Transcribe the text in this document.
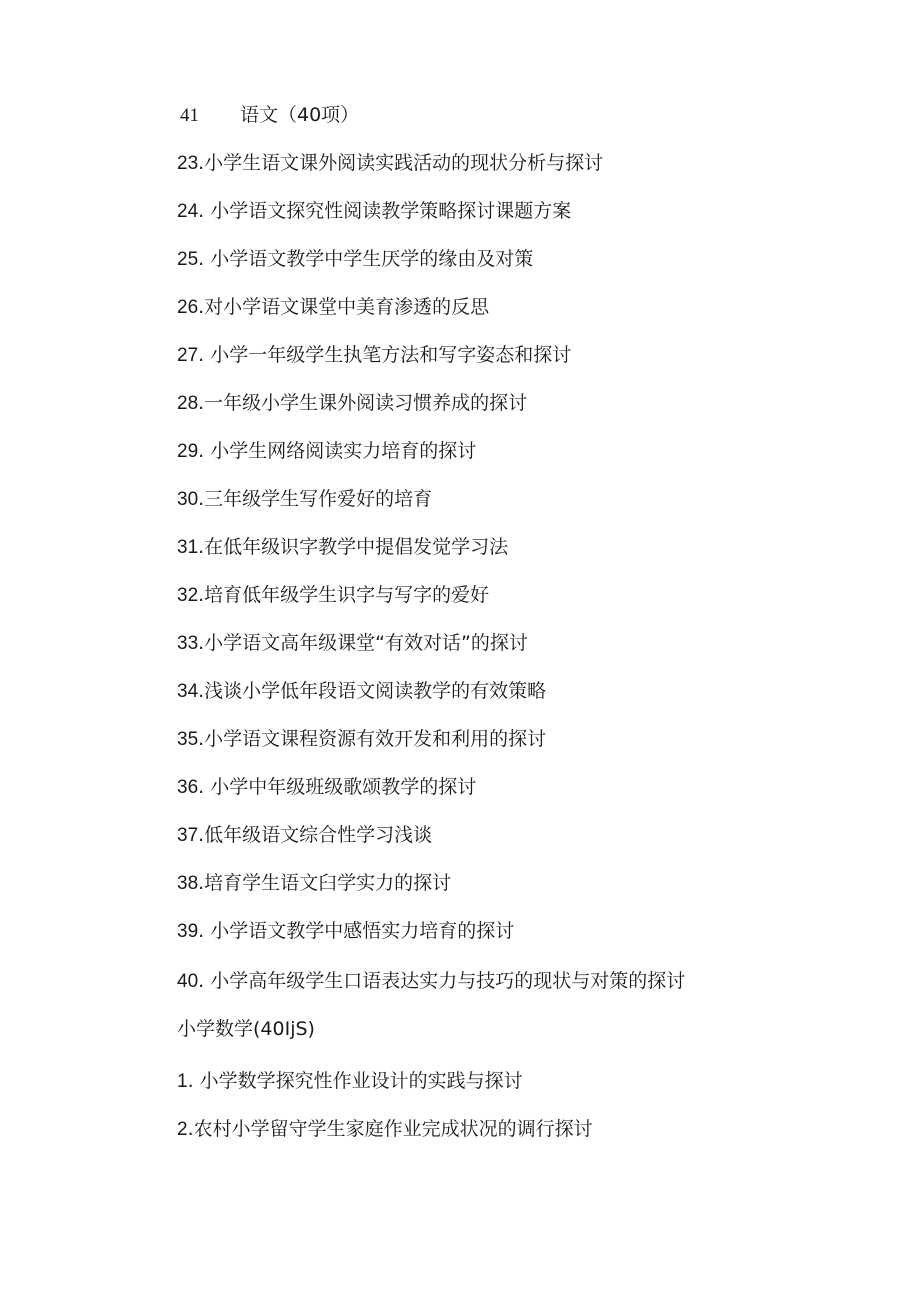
41 语文（40项）
23.小学生语文课外阅读实践活动的现状分析与探讨
24. 小学语文探究性阅读教学策略探讨课题方案
25. 小学语文教学中学生厌学的缘由及对策
26.对小学语文课堂中美育渗透的反思
27. 小学一年级学生执笔方法和写字姿态和探讨
28.一年级小学生课外阅读习惯养成的探讨
29. 小学生网络阅读实力培育的探讨
30.三年级学生写作爱好的培育
31.在低年级识字教学中提倡发觉学习法
32.培育低年级学生识字与写字的爱好
33.小学语文高年级课堂“有效对话”的探讨
34.浅谈小学低年段语文阅读教学的有效策略
35.小学语文课程资源有效开发和利用的探讨
36. 小学中年级班级歌颂教学的探讨
37.低年级语文综合性学习浅谈
38.培育学生语文臼学实力的探讨
39. 小学语文教学中感悟实力培育的探讨
40. 小学高年级学生口语表达实力与技巧的现状与对策的探讨
小学数学(40IjS)
1. 小学数学探究性作业设计的实践与探讨
2.农村小学留守学生家庭作业完成状况的调行探讨
